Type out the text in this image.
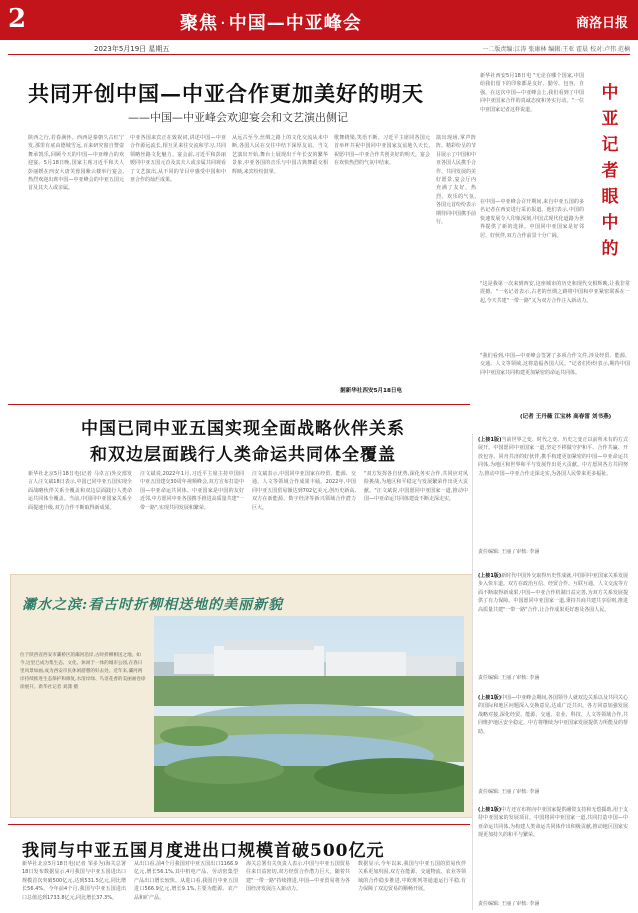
2	聚焦 · 中国—中亚峰会	商洛日报
2023年5月19日 星期五	一二版责编:江涛 张康林 编辑:王亚 霍晨 校对:卢伟 范楠
共同开创中国—中亚合作更加美好的明天
——中国—中亚峰会欢迎宴会和文艺演出侧记
陕西之行,若春满怀。西西是秦朝久古红宁发,那里有底由德城雪远,百来研究窗自赞姿舞承凯乐,回顾今天的中国—中亚峰合的欢迎宴。5月18日晚,国家主席习近平和夫人彭丽媛在西安大唐芙蓉园紫云楼举行宴会,热烈欢迎出席中国—中亚峰会的中亚五国元首及其夫人或亲属。
中亚各国来宾正在致祝词,讲述中国—中亚合作源远流长,相互见来往交流和学习,共同领略丝路文化魅力。宴会前,习近平和彭丽媛同中亚五国元首及其夫人或亲属共同观看了文艺演出,从不同的节目中感受中国和中亚合作的灿烂成果。
从远古至今,丝绸之路上的文化交流从未中断,各国人民在交往中结下深厚友谊。当文艺演出开始,舞台上展现出千年长安的繁华景象,中亚各国的音乐与中国古典舞蹈交相辉映,来宾纷纷鼓掌。
歌舞绕梁,笑语不断。习近平主席同各国元首举杯共祝中国同中亚国家友谊地久天长,祝愿中国—中亚合作共创美好的明天。宴会在欢快热烈的气氛中结束。
演出现场,掌声阵阵。精彩纷呈的节目展示了中国和中亚各国人民携手合作、共同发展的美好愿景,宴会厅内充满了友好、热烈、欢乐的气氛,各国元首纷纷表示期待同中国携手前行。
据新华社西安5月18日电
中
亚
记
者
眼
中
的
新华社西安5月18日电 "无论在哪个国家,中国给我们留下的印象都是友好、勤劳、包容、自强。在这次中国—中亚峰会上,我们看到了中国同中亚国家合作的真诚态度和务实行动。"一位中亚国家记者这样说道。
在中国—中亚峰会召开期间,来自中亚五国的多名记者在西安进行采访报道。他们表示,中国的快速发展令人印象深刻,中国式现代化道路为世界提供了新的选择。中国同中亚国家是好邻居、好伙伴,双方合作前景十分广阔。
"这是我第一次来到西安,这座城市的历史和现代交相辉映,让我非常震撼。"一名记者表示,古老的丝绸之路将中国和中亚紧密联系在一起,今天共建"一带一路"又为双方合作注入新动力。
"我们看到,中国—中亚峰会签署了多项合作文件,涉及经贸、能源、交通、人文等领域,这将造福各国人民。"记者们纷纷表示,期待中国同中亚国家共同构建更加紧密的命运共同体。
(记者 王丹薇 江宝林 高春雷 刘书燕)
中国已同中亚五国实现全面战略伙伴关系
和双边层面践行人类命运共同体全覆盖
新华社北京5月18日电(记者 马卓言)外交部发言人汪文斌18日表示,中国已同中亚五国实现全面战略伙伴关系全覆盖和双边层面践行人类命运共同体全覆盖。当前,中国同中亚国家关系全面提速升级,双方合作不断取得新成果。
汪文斌说,2022年1月,习近平主席主持中国同中亚五国建交30周年视频峰会,双方宣布打造中国—中亚命运共同体。中亚国家是中国的友好近邻,中方愿同中亚各国携手推进高质量共建"一带一路",实现共同发展和繁荣。
汪文斌表示,中国同中亚国家在经贸、能源、交通、人文等领域合作成果丰硕。2022年,中国同中亚五国贸易额达到702亿美元,创历史新高,双方在新能源、数字经济等新兴领域合作潜力巨大。
"双方发挥各自优势,深化务实合作,共同应对风险挑战,为地区和平稳定与发展繁荣作出更大贡献。"汪文斌说,中国愿同中亚国家一道,推动中国—中亚命运共同体建设不断走深走实。
灞水之滨:看古时折柳相送地的美丽新貌
位于陕西省西安市灞桥区的灞河沿岸,古时折柳相送之地。如今,这里已成为集生态、文化、休闲于一体的城市公园,在春日里风景如画,成为西安市民休闲游憩的好去处。近年来,灞河两岸持续推进生态保护和修复,水清岸绿、鸟语花香的美丽画卷徐徐展开。新华社记者 刘潇 摄
我同与中亚五国月度进出口规模首破500亿元
新华社北京5月18日电(记者 邹多为)海关总署18日发布数据显示,4月我国与中亚五国进出口规模首次突破500亿元,达到531.5亿元,同比增长56.4%。今年前4个月,我国与中亚五国进出口总值达到1733.8亿元,同比增长37.3%。
从出口看,前4个月我国对中亚五国出口1166.9亿元,增长56.1%,其中机电产品、劳动密集型产品出口增长较快。从进口看,我国自中亚五国进口566.9亿元,增长9.1%,主要为能源、农产品和矿产品。
海关总署有关负责人表示,中国与中亚五国贸易往来日益密切,双方经贸合作潜力巨大。随着共建"一带一路"持续推进,中国—中亚贸易将为各国经济发展注入新动力。
数据显示,今年以来,我国与中亚五国的贸易伙伴关系更加巩固,双方在能源、交通物流、农业等领域的合作稳步推进,中欧班列等通道运行平稳,有力保障了双边贸易的顺畅开展。
(上接1版)当前世界之变、时代之变、历史之变正以前所未有的方式展开。中国愿同中亚国家一道,坚定不移做守护和平、合作共赢、开放包容、同舟共济的好伙伴,携手构建更加紧密的中国—中亚命运共同体,为地区和世界和平与发展作出更大贡献。中方愿同各方共同努力,推动中国—中亚合作走深走实,为各国人民带来更多福祉。
责任编辑: 王丽 / 审核: 李涵
(上接1版)新时代中国外交取得历史性成就,中国同中亚国家关系发展步入快车道。双方在政治互信、经贸合作、互联互通、人文交流等方面不断取得新成果,中国—中亚合作机制日益完善,为双方关系发展提供了有力保障。中国愿同中亚国家一道,秉持共商共建共享原则,推进高质量共建"一带一路"合作,让合作成果更好惠及各国人民。
责任编辑: 王丽 / 审核: 李涵
(上接1版)中国—中亚峰会期间,各国领导人就双边关系以及共同关心的国际和地区问题深入交换意见,达成广泛共识。各方同意加强发展战略对接,深化经贸、能源、交通、农业、科技、人文等领域合作,共同维护地区安全稳定。中方将继续为中亚国家发展提供力所能及的帮助。
责任编辑: 王丽 / 审核: 李涵
(上接1版)中方还宣布将向中亚国家提供融资支持和无偿援助,用于支持中亚国家的发展项目。中国将同中亚国家一道,共同打造中国—中亚命运共同体,为构建人类命运共同体作出积极贡献,推动地区国家实现更加持久的和平与繁荣。
责任编辑: 王丽 / 审核: 李涵
